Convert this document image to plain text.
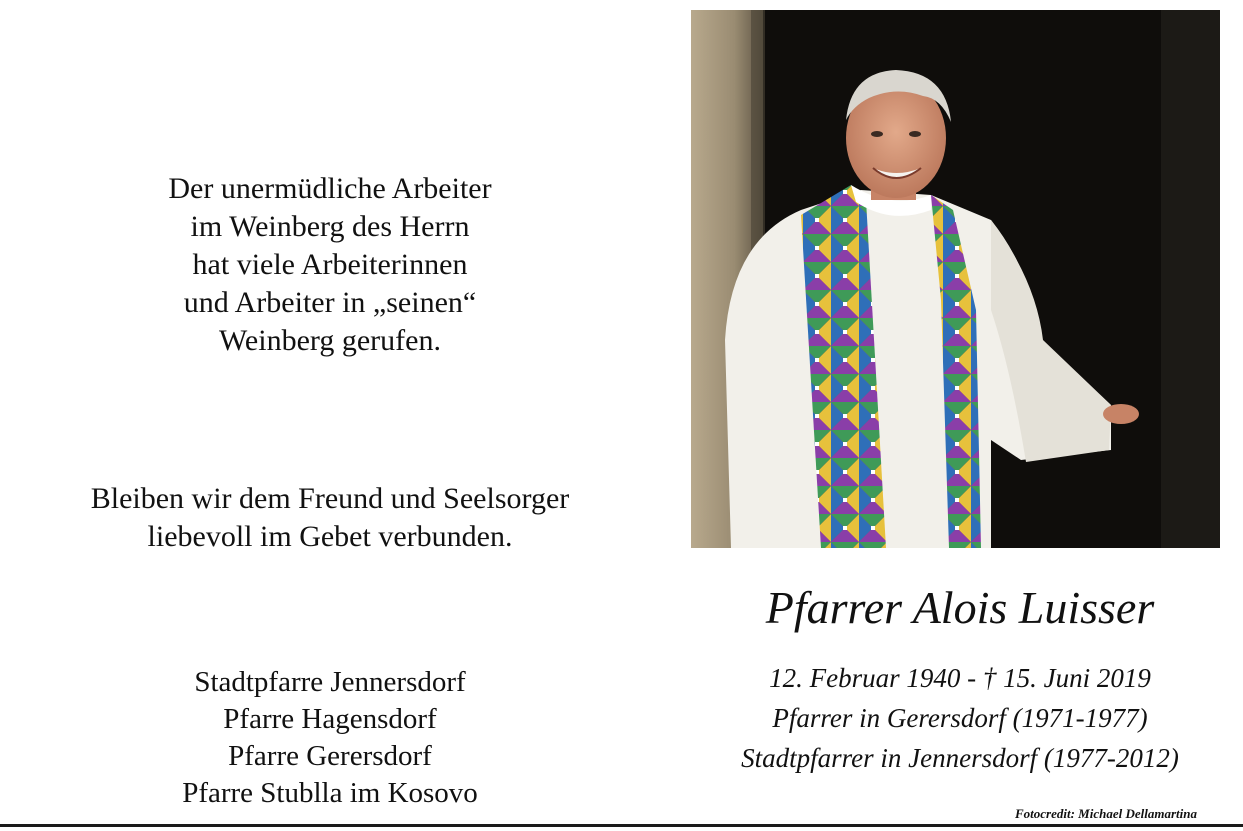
Der unermüdliche Arbeiter

im Weinberg des Herrn

hat viele Arbeiterinnen

und Arbeiter in „seinen“

Weinberg gerufen.

Bleiben wir dem Freund und Seelsorger

liebevoll im Gebet verbunden.

Stadtpfarre Jennersdorf

Pfarre Hagensdorf

Pfarre Gerersdorf

Pfarre Stublla im Kosovo

Pfarrer Alois Luisser

12. Februar 1940 - † 15. Juni 2019

Pfarrer in Gerersdorf (1971-1977)

Stadtpfarrer in Jennersdorf (1977-2012)

Fotocredit: Michael Dellamartina
